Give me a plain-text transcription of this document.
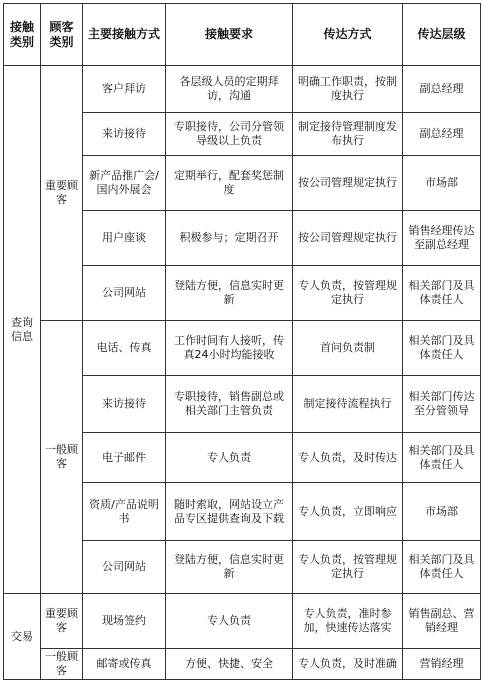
接触类别	顾客类别	主要接触方式	接触要求	传达方式	传达层级
查询信息	重要顾客	客户拜访	各层级人员的定期拜访，沟通	明确工作职责，按制度执行	副总经理
		来访接待	专职接待，公司分管领导级以上负责	制定接待管理制度发布执行	副总经理
		新产品推广会/国内外展会	定期举行，配套奖惩制度	按公司管理规定执行	市场部
		用户座谈	积极参与；定期召开	按公司管理规定执行	销售经理传达至副总经理
		公司网站	登陆方便，信息实时更新	专人负责，按管理规定执行	相关部门及具体责任人
	一般顾客	电话、传真	工作时间有人接听，传真24小时均能接收	首问负责制	相关部门及具体责任人
		来访接待	专职接待，销售副总或相关部门主管负责	制定接待流程执行	相关部门传达至分管领导
		电子邮件	专人负责	专人负责，及时传达	相关部门及具体责任人
		资质/产品说明书	随时索取，网站设立产品专区提供查询及下载	专人负责，立即响应	市场部
		公司网站	登陆方便，信息实时更新	专人负责，按管理规定执行	相关部门及具体责任人
交易	重要顾客	现场签约	专人负责	专人负责，准时参加，快速传达落实	销售副总、营销经理
	一般顾客	邮寄或传真	方便、快捷、安全	专人负责，及时准确	营销经理
